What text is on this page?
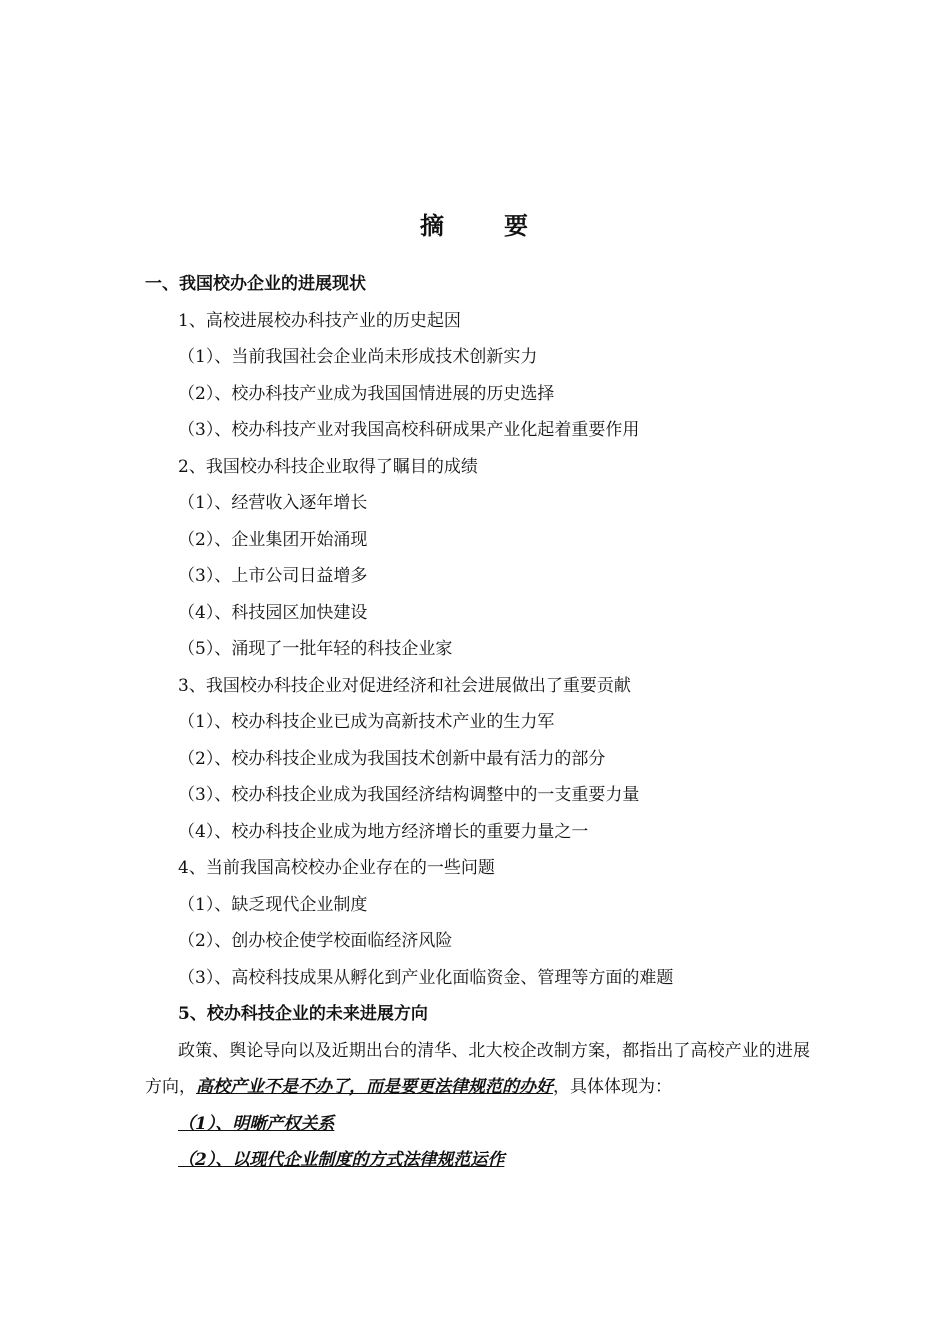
摘 要
一、我国校办企业的进展现状
1、高校进展校办科技产业的历史起因
（1）、当前我国社会企业尚未形成技术创新实力
（2）、校办科技产业成为我国国情进展的历史选择
（3）、校办科技产业对我国高校科研成果产业化起着重要作用
2、我国校办科技企业取得了瞩目的成绩
（1）、经营收入逐年增长
（2）、企业集团开始涌现
（3）、上市公司日益增多
（4）、科技园区加快建设
（5）、涌现了一批年轻的科技企业家
3、我国校办科技企业对促进经济和社会进展做出了重要贡献
（1）、校办科技企业已成为高新技术产业的生力军
（2）、校办科技企业成为我国技术创新中最有活力的部分
（3）、校办科技企业成为我国经济结构调整中的一支重要力量
（4）、校办科技企业成为地方经济增长的重要力量之一
4、当前我国高校校办企业存在的一些问题
（1）、缺乏现代企业制度
（2）、创办校企使学校面临经济风险
（3）、高校科技成果从孵化到产业化面临资金、管理等方面的难题
5、校办科技企业的未来进展方向
政策、舆论导向以及近期出台的清华、北大校企改制方案，都指出了高校产业的进展方向，高校产业不是不办了，而是要更法律规范的办好，具体体现为：
（1）、明晰产权关系
（2）、以现代企业制度的方式法律规范运作
